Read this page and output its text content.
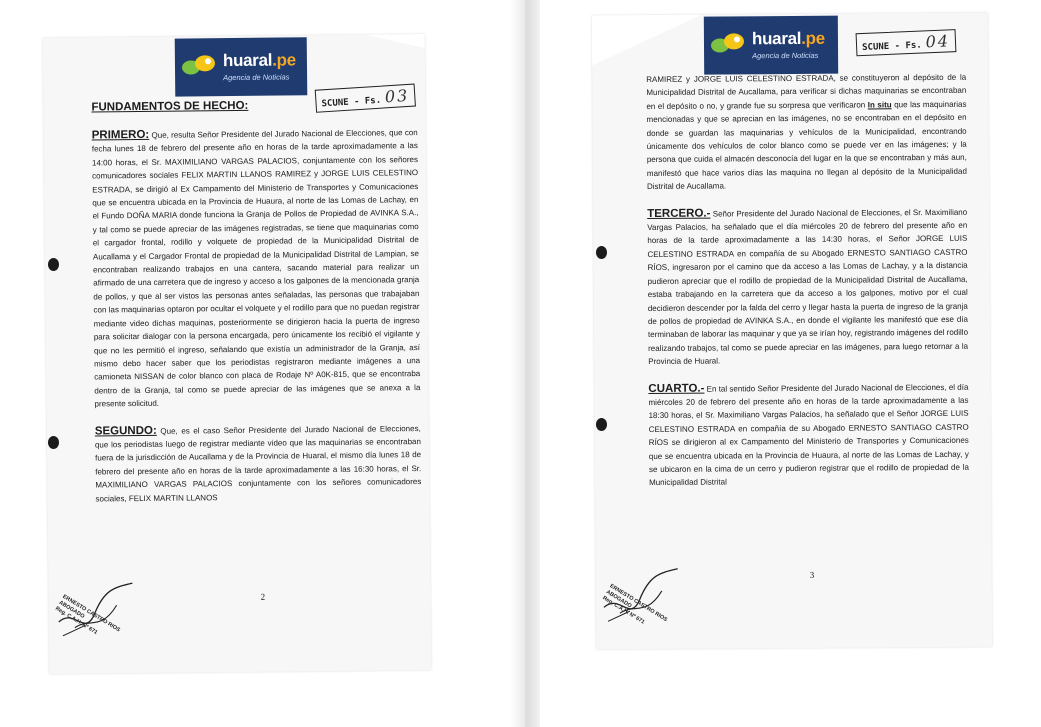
huaral.pe
Agencia de Noticias
SCUNE - Fs. 03
FUNDAMENTOS DE HECHO:

PRIMERO: Que, resulta Señor Presidente del Jurado Nacional de Elecciones, que con fecha lunes 18 de febrero del presente año en horas de la tarde aproximadamente a las 14:00 horas, el Sr. MAXIMILIANO VARGAS PALACIOS, conjuntamente con los señores comunicadores sociales FELIX MARTIN LLANOS RAMIREZ y JORGE LUIS CELESTINO ESTRADA, se dirigió al Ex Campamento del Ministerio de Transportes y Comunicaciones que se encuentra ubicada en la Provincia de Huaura, al norte de las Lomas de Lachay, en el Fundo DOÑA MARIA donde funciona la Granja de Pollos de Propiedad de AVINKA S.A., y tal como se puede apreciar de las imágenes registradas, se tiene que maquinarias como el cargador frontal, rodillo y volquete de propiedad de la Municipalidad Distrital de Aucallama y el Cargador Frontal de propiedad de la Municipalidad Distrital de Lampian, se encontraban realizando trabajos en una cantera, sacando material para realizar un afirmado de una carretera que de ingreso y acceso a los galpones de la mencionada granja de pollos, y que al ser vistos las personas antes señaladas, las personas que trabajaban con las maquinarias optaron por ocultar el volquete y el rodillo para que no puedan registrar mediante video dichas maquinas, posteriormente se dirigieron hacia la puerta de ingreso para solicitar dialogar con la persona encargada, pero únicamente los recibió el vigilante y que no les permitió el ingreso, señalando que existía un administrador de la Granja, así mismo debo hacer saber que los periodistas registraron mediante imágenes a una camioneta NISSAN de color blanco con placa de Rodaje Nº A0K-815, que se encontraba dentro de la Granja, tal como se puede apreciar de las imágenes que se anexa a la presente solicitud.

SEGUNDO: Que, es el caso Señor Presidente del Jurado Nacional de Elecciones, que los periodistas luego de registrar mediante video que las maquinarias se encontraban fuera de la jurisdicción de Aucallama y de la Provincia de Huaral, el mismo día lunes 18 de febrero del presente año en horas de la tarde aproximadamente a las 16:30 horas, el Sr. MAXIMILIANO VARGAS PALACIOS conjuntamente con los señores comunicadores sociales, FELIX MARTIN LLANOS

2
ERNESTO CASTRO RIOS
ABOGADO
Reg. C.A.H. Nº 671
huaral.pe
Agencia de Noticias
SCUNE - Fs. 04

RAMIREZ y JORGE LUIS CELESTINO ESTRADA, se constituyeron al depósito de la Municipalidad Distrital de Aucallama, para verificar si dichas maquinarias se encontraban en el depósito o no, y grande fue su sorpresa que verificaron In situ que las maquinarias mencionadas y que se aprecian en las imágenes, no se encontraban en el depósito en donde se guardan las maquinarias y vehículos de la Municipalidad, encontrando únicamente dos vehículos de color blanco como se puede ver en las imágenes; y la persona que cuida el almacén desconocía del lugar en la que se encontraban y más aun, manifestó que hace varios días las maquina no llegan al depósito de la Municipalidad Distrital de Aucallama.

TERCERO.- Señor Presidente del Jurado Nacional de Elecciones, el Sr. Maximiliano Vargas Palacios, ha señalado que el día miércoles 20 de febrero del presente año en horas de la tarde aproximadamente a las 14:30 horas, el Señor JORGE LUIS CELESTINO ESTRADA en compañía de su Abogado ERNESTO SANTIAGO CASTRO RÍOS, ingresaron por el camino que da acceso a las Lomas de Lachay, y a la distancia pudieron apreciar que el rodillo de propiedad de la Municipalidad Distrital de Aucallama, estaba trabajando en la carretera que da acceso a los galpones, motivo por el cual decidieron descender por la falda del cerro y llegar hasta la puerta de ingreso de la granja de pollos de propiedad de AVINKA S.A., en donde el vigilante les manifestó que ese día terminaban de laborar las maquinar y que ya se irían hoy, registrando imágenes del rodillo realizando trabajos, tal como se puede apreciar en las imágenes, para luego retornar a la Provincia de Huaral.

CUARTO.- En tal sentido Señor Presidente del Jurado Nacional de Elecciones, el día miércoles 20 de febrero del presente año en horas de la tarde aproximadamente a las 18:30 horas, el Sr. Maximiliano Vargas Palacios, ha señalado que el Señor JORGE LUIS CELESTINO ESTRADA en compañía de su Abogado ERNESTO SANTIAGO CASTRO RÍOS se dirigieron al ex Campamento del Ministerio de Transportes y Comunicaciones que se encuentra ubicada en la Provincia de Huaura, al norte de las Lomas de Lachay, y se ubicaron en la cima de un cerro y pudieron registrar que el rodillo de propiedad de la Municipalidad Distrital

3
ERNESTO CASTRO RIOS
ABOGADO
Reg. C.A.H. Nº 671
